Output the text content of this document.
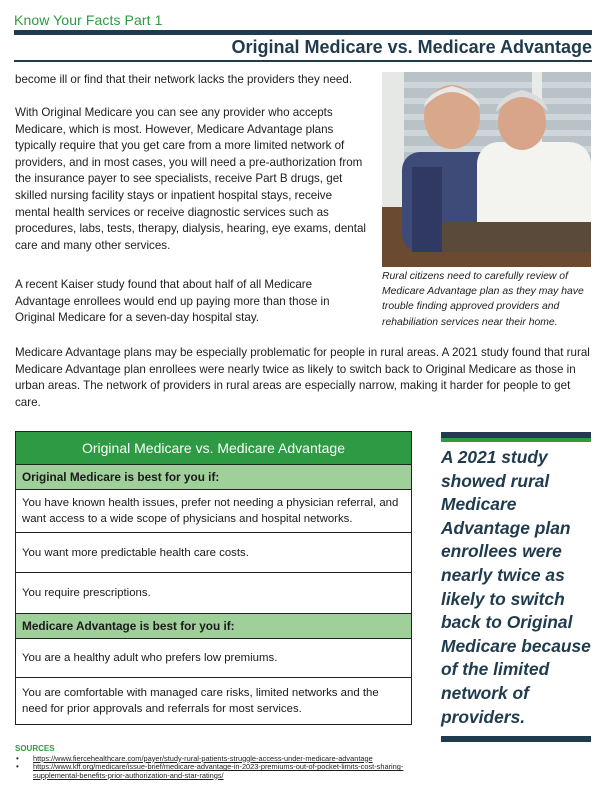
Know Your Facts Part 1
Original Medicare vs. Medicare Advantage

become ill or find that their network lacks the providers they need.

With Original Medicare you can see any provider who accepts Medicare, which is most. However, Medicare Advantage plans typically require that you get care from a more limited network of providers, and in most cases, you will need a pre-authorization from the insurance payer to see specialists, receive Part B drugs, get skilled nursing facility stays or inpatient hospital stays, receive mental health services or receive diagnostic services such as procedures, labs, tests, therapy, dialysis, hearing, eye exams, dental care and many other services.

A recent Kaiser study found that about half of all Medicare Advantage enrollees would end up paying more than those in Original Medicare for a seven-day hospital stay.

Medicare Advantage plans may be especially problematic for people in rural areas. A 2021 study found that rural Medicare Advantage plan enrollees were nearly twice as likely to switch back to Original Medicare as those in urban areas. The network of providers in rural areas are especially narrow, making it harder for people to get care.

Rural citizens need to carefully review of Medicare Advantage plan as they may have trouble finding approved providers and rehabiliation services near their home.

Original Medicare vs. Medicare Advantage
Original Medicare is best for you if:
You have known health issues, prefer not needing a physician referral, and want access to a wide scope of physicians and hospital networks.
You want more predictable health care costs.
You require prescriptions.
Medicare Advantage is best for you if:
You are a healthy adult who prefers low premiums.
You are comfortable with managed care risks, limited networks and the need for prior approvals and referrals for most services.

A 2021 study showed rural Medicare Advantage plan enrollees were nearly twice as likely to switch back to Original Medicare because of the limited network of providers.

SOURCES
• https://www.fiercehealthcare.com/payer/study-rural-patients-struggle-access-under-medicare-advantage
• https://www.kff.org/medicare/issue-brief/medicare-advantage-in-2023-premiums-out-of-pocket-limits-cost-sharing-supplemental-benefits-prior-authorization-and-star-ratings/
